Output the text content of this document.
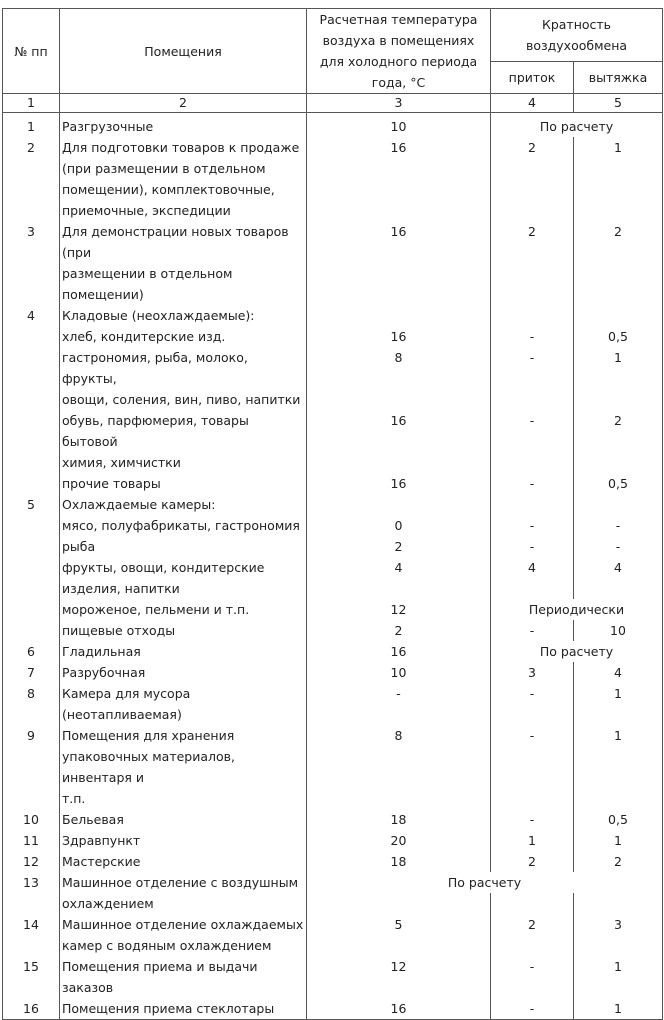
№ пп	Помещения	Расчетная температура воздуха в помещениях для холодного периода года, °С	Кратность воздухообмена	
			приток	вытяжка
1	2	3	4	5
1	Разгрузочные	10	По расчету	
2	Для подготовки товаров к продаже	16	2	1
	(при размещении в отдельном			
	помещении), комплектовочные,			
	приемочные, экспедиции			
3	Для демонстрации новых товаров (при	16	2	2
	размещении в отдельном помещении)			
4	Кладовые (неохлаждаемые):			
	хлеб, кондитерские изд.	16	-	0,5
	гастрономия, рыба, молоко, фрукты,	8	-	1
	овощи, соления, вин, пиво, напитки			
	обувь, парфюмерия, товары бытовой	16	-	2
	химия, химчистки			
	прочие товары	16	-	0,5
5	Охлаждаемые камеры:			
	мясо, полуфабрикаты, гастрономия	0	-	-
	рыба	2	-	-
	фрукты, овощи, кондитерские	4	4	4
	изделия, напитки			
	мороженое, пельмени и т.п.	12	Периодически	
	пищевые отходы	2	-	10
6	Гладильная	16	По расчету	
7	Разрубочная	10	3	4
8	Камера для мусора (неотапливаемая)	-	-	1
9	Помещения для хранения	8	-	1
	упаковочных материалов, инвентаря и			
	т.п.			
10	Бельевая	18	-	0,5
11	Здравпункт	20	1	1
12	Мастерские	18	2	2
13	Машинное отделение с воздушным	По расчету		
	охлаждением			
14	Машинное отделение охлаждаемых	5	2	3
	камер с водяным охлаждением			
15	Помещения приема и выдачи заказов	12	-	1
16	Помещения приема стеклотары	16	-	1
